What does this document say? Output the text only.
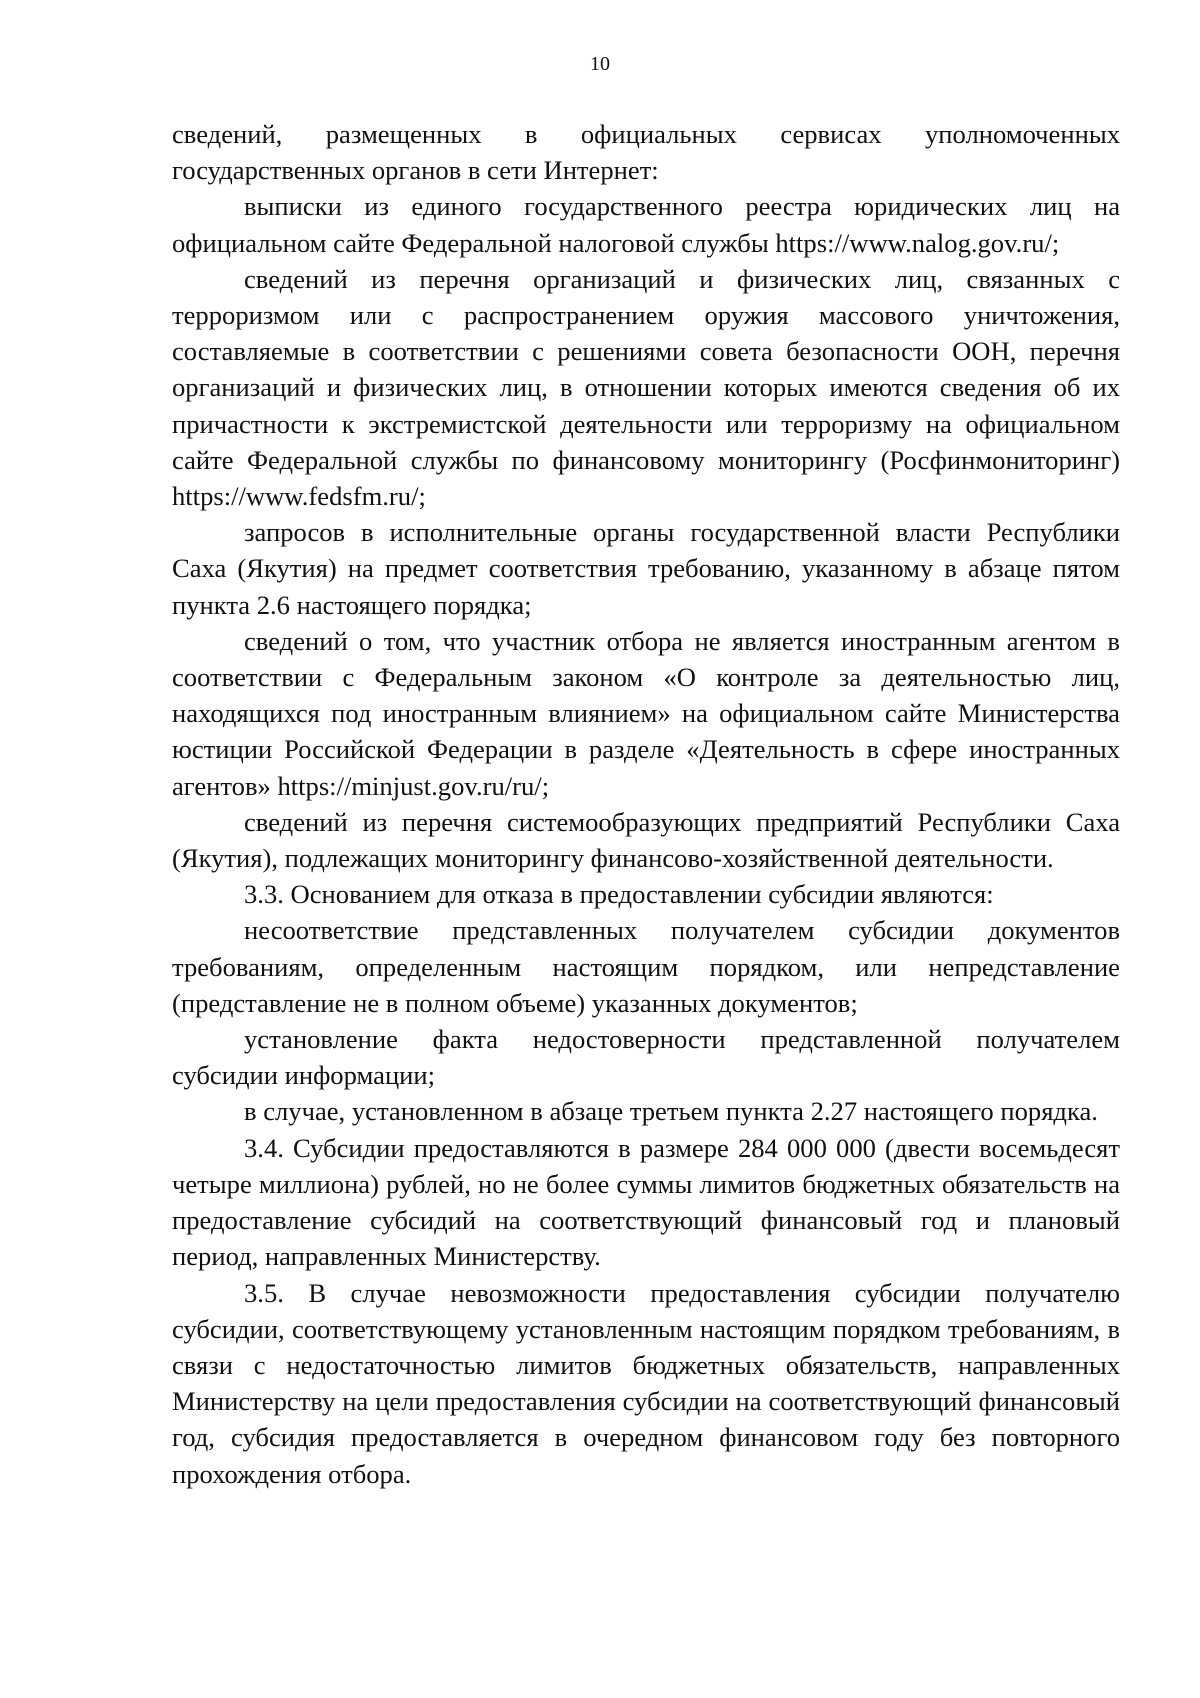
10

сведений, размещенных в официальных сервисах уполномоченных государственных органов в сети Интернет:

выписки из единого государственного реестра юридических лиц на официальном сайте Федеральной налоговой службы https://www.nalog.gov.ru/;

сведений из перечня организаций и физических лиц, связанных с терроризмом или с распространением оружия массового уничтожения, составляемые в соответствии с решениями совета безопасности ООН, перечня организаций и физических лиц, в отношении которых имеются сведения об их причастности к экстремистской деятельности или терроризму на официальном сайте Федеральной службы по финансовому мониторингу (Росфинмониторинг) https://www.fedsfm.ru/;

запросов в исполнительные органы государственной власти Республики Саха (Якутия) на предмет соответствия требованию, указанному в абзаце пятом пункта 2.6 настоящего порядка;

сведений о том, что участник отбора не является иностранным агентом в соответствии с Федеральным законом «О контроле за деятельностью лиц, находящихся под иностранным влиянием» на официальном сайте Министерства юстиции Российской Федерации в разделе «Деятельность в сфере иностранных агентов» https://minjust.gov.ru/ru/;

сведений из перечня системообразующих предприятий Республики Саха (Якутия), подлежащих мониторингу финансово-хозяйственной деятельности.

3.3. Основанием для отказа в предоставлении субсидии являются:

несоответствие представленных получателем субсидии документов требованиям, определенным настоящим порядком, или непредставление (представление не в полном объеме) указанных документов;

установление факта недостоверности представленной получателем субсидии информации;

в случае, установленном в абзаце третьем пункта 2.27 настоящего порядка.

3.4. Субсидии предоставляются в размере 284 000 000 (двести восемьдесят четыре миллиона) рублей, но не более суммы лимитов бюджетных обязательств на предоставление субсидий на соответствующий финансовый год и плановый период, направленных Министерству.

3.5. В случае невозможности предоставления субсидии получателю субсидии, соответствующему установленным настоящим порядком требованиям, в связи с недостаточностью лимитов бюджетных обязательств, направленных Министерству на цели предоставления субсидии на соответствующий финансовый год, субсидия предоставляется в очередном финансовом году без повторного прохождения отбора.
